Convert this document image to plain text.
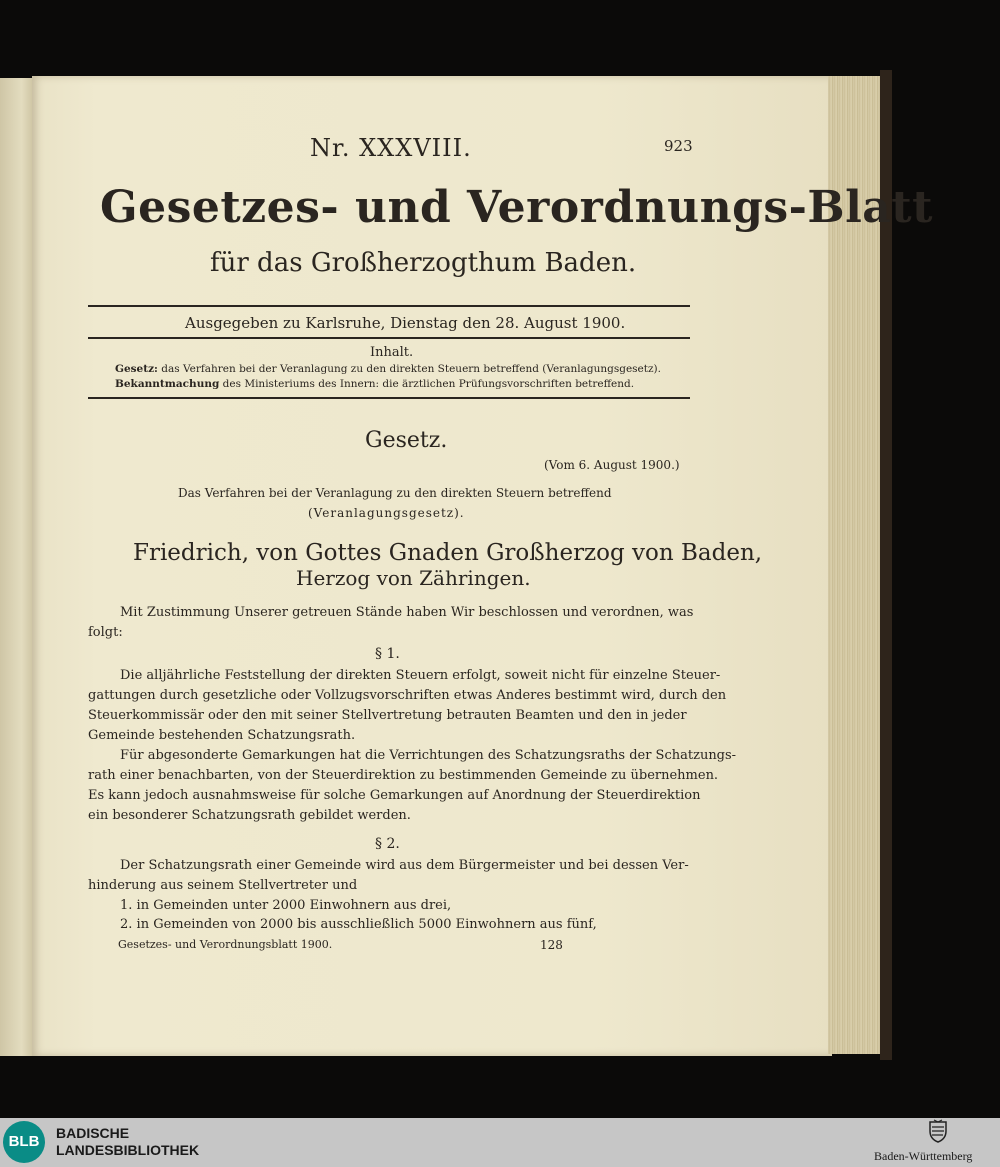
Nr. XXXVIII.	923
Gesetzes- und Verordnungs-Blatt
für das Großherzogthum Baden.
Ausgegeben zu Karlsruhe, Dienstag den 28. August 1900.
Inhalt.
Gesetz: das Verfahren bei der Veranlagung zu den direkten Steuern betreffend (Veranlagungsgesetz).
Bekanntmachung des Ministeriums des Innern: die ärztlichen Prüfungsvorschriften betreffend.
Gesetz.
(Vom 6. August 1900.)
Das Verfahren bei der Veranlagung zu den direkten Steuern betreffend
(Veranlagungsgesetz).
Friedrich, von Gottes Gnaden Großherzog von Baden,
Herzog von Zähringen.
Mit Zustimmung Unserer getreuen Stände haben Wir beschlossen und verordnen, was
folgt:
§ 1.
Die alljährliche Feststellung der direkten Steuern erfolgt, soweit nicht für einzelne Steuer-
gattungen durch gesetzliche oder Vollzugsvorschriften etwas Anderes bestimmt wird, durch den
Steuerkommissär oder den mit seiner Stellvertretung betrauten Beamten und den in jeder
Gemeinde bestehenden Schatzungsrath.
Für abgesonderte Gemarkungen hat die Verrichtungen des Schatzungsraths der Schatzungs-
rath einer benachbarten, von der Steuerdirektion zu bestimmenden Gemeinde zu übernehmen.
Es kann jedoch ausnahmsweise für solche Gemarkungen auf Anordnung der Steuerdirektion
ein besonderer Schatzungsrath gebildet werden.
§ 2.
Der Schatzungsrath einer Gemeinde wird aus dem Bürgermeister und bei dessen Ver-
hinderung aus seinem Stellvertreter und
1. in Gemeinden unter 2000 Einwohnern aus drei,
2. in Gemeinden von 2000 bis ausschließlich 5000 Einwohnern aus fünf,
Gesetzes- und Verordnungsblatt 1900.	128
BLB	BADISCHE
LANDESBIBLIOTHEK	Baden-Württemberg
